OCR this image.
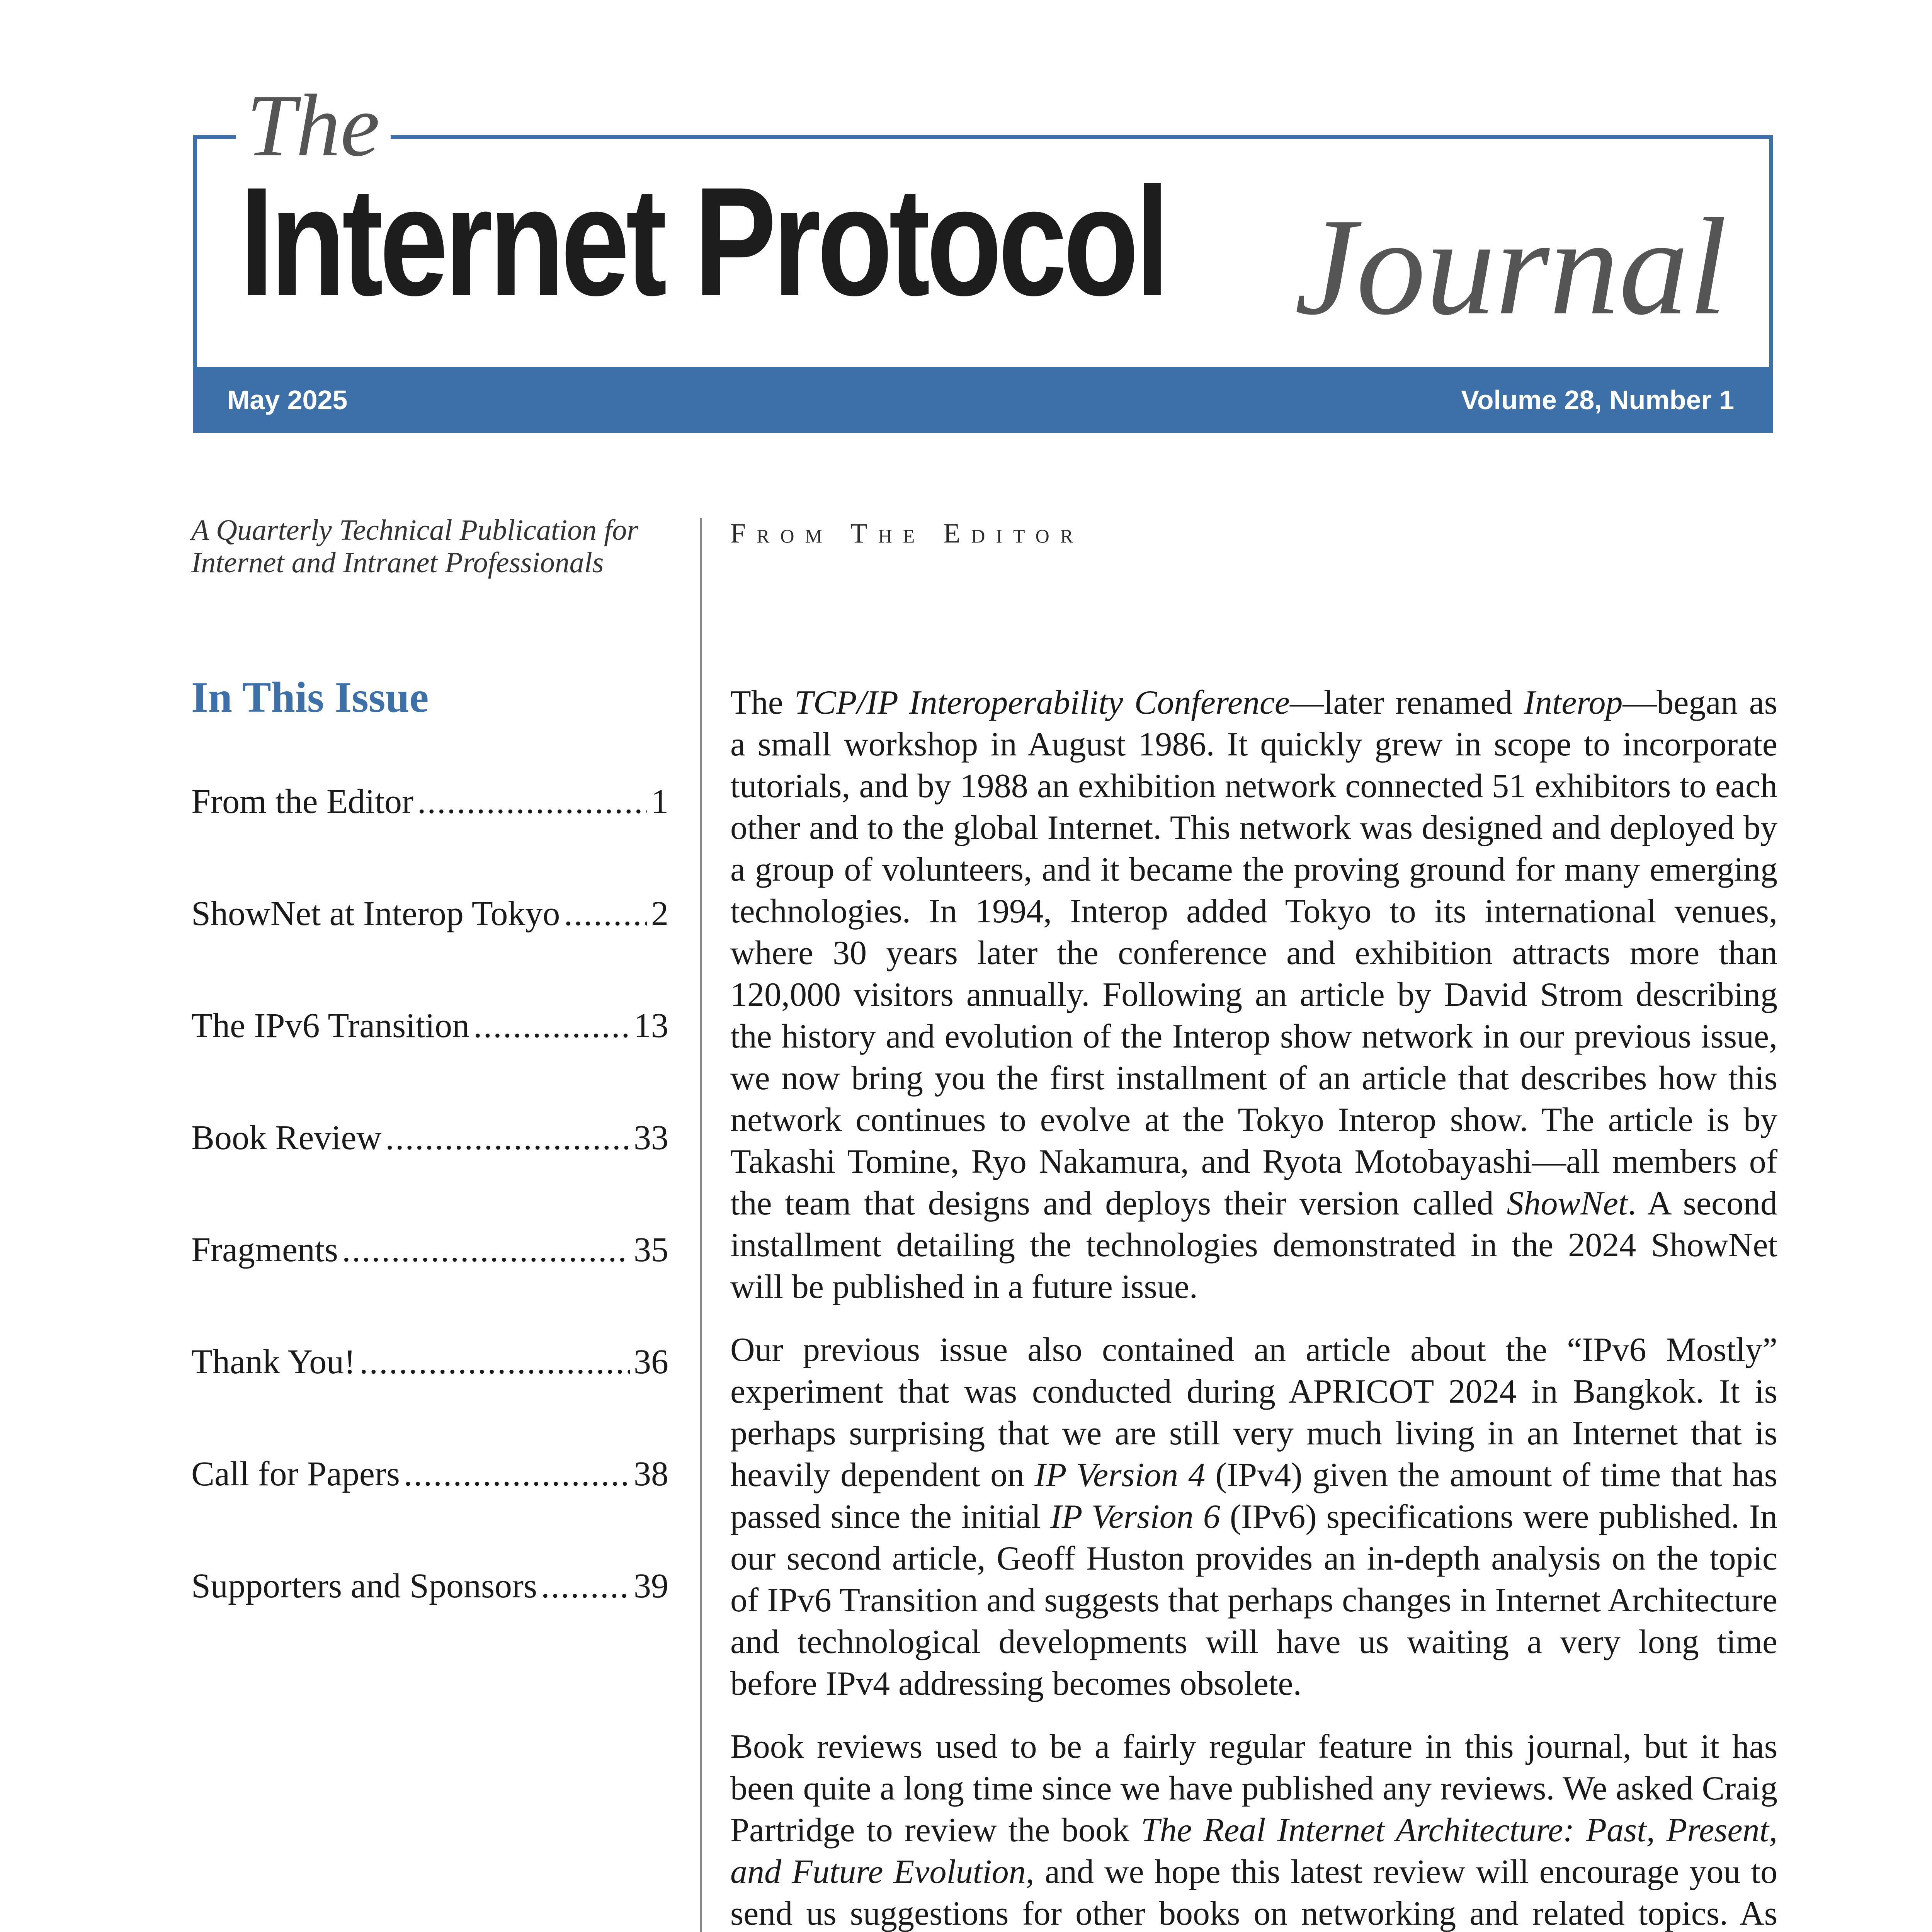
The
Internet Protocol Journal
May 2025	Volume 28, Number 1
A Quarterly Technical Publication for Internet and Intranet Professionals
In This Issue
From the Editor .....	1
ShowNet at Interop Tokyo .....	2
The IPv6 Transition .....	13
Book Review .....	33
Fragments .....	35
Thank You! .....	36
Call for Papers .....	38
Supporters and Sponsors .....	39
From The Editor

The TCP/IP Interoperability Conference—later renamed Interop—began as a small workshop in August 1986. It quickly grew in scope to incorporate tutorials, and by 1988 an exhibition network connected 51 exhibitors to each other and to the global Internet. This network was designed and deployed by a group of volunteers, and it became the proving ground for many emerging technologies. In 1994, Interop added Tokyo to its international venues, where 30 years later the conference and exhibition attracts more than 120,000 visitors annually. Following an article by David Strom describing the history and evolution of the Interop show network in our previous issue, we now bring you the first installment of an article that describes how this network continues to evolve at the Tokyo Interop show. The article is by Takashi Tomine, Ryo Nakamura, and Ryota Motobayashi—all members of the team that designs and deploys their version called ShowNet. A second installment detailing the technologies demonstrated in the 2024 ShowNet will be published in a future issue.

Our previous issue also contained an article about the “IPv6 Mostly” experiment that was conducted during APRICOT 2024 in Bangkok. It is perhaps surprising that we are still very much living in an Internet that is heavily dependent on IP Version 4 (IPv4) given the amount of time that has passed since the initial IP Version 6 (IPv6) specifications were published. In our second article, Geoff Huston provides an in-depth analysis on the topic of IPv6 Transition and suggests that perhaps changes in Internet Architecture and technological developments will have us waiting a very long time before IPv4 addressing becomes obsolete.

Book reviews used to be a fairly regular feature in this journal, but it has been quite a long time since we have published any reviews. We asked Craig Partridge to review the book The Real Internet Architecture: Past, Present, and Future Evolution, and we hope this latest review will encourage you to send us suggestions for other books on networking and related topics. As
